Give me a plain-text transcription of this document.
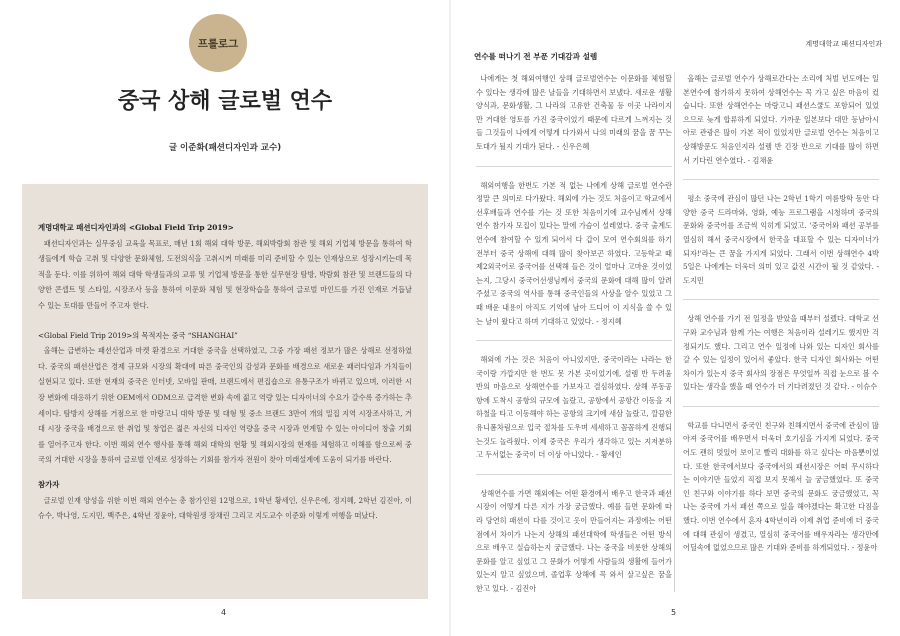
프롤로그
중국 상해 글로벌 연수
글 이준화(패션디자인과 교수)
계명대학교 패션디자인과의 <Global Field Trip 2019>

패션디자인과는 실무중심 교육을 목표로, 매년 1회 해외 대학 방문, 해외박람회 참관 및 해외 기업체 방문을 통하여 학생들에게 학습 고취 및 다양한 문화체험, 도전의식을 고취시켜 미래를 미리 준비할 수 있는 인재상으로 성장시키는데 목적을 둔다. 이를 위하여 해외 대학 학생들과의 교류 및 기업체 방문을 통한 실무현장 탐방, 박람회 참관 및 브랜드들의 다양한 콘셉트 및 스타일, 시장조사 등을 통하여 이문화 체험 및 현장학습을 통하여 글로벌 마인드를 가진 인재로 거듭날 수 있는 토대를 만들어 주고자 한다.

<Global Field Trip 2019>의 목적지는 중국 “SHANGHAI”

올해는 급변하는 패션산업과 마켓 환경으로 거대한 중국을 선택하였고, 그중 가장 패션 정보가 많은 상해로 선정하였다. 중국의 패션산업은 경제 규모와 시장의 확대에 따른 중국인의 감성과 문화를 배경으로 새로운 패러다임과 가치들이 실현되고 있다. 또한 현재의 중국은 인터넷, 모바일 판매, 브랜드에서 편집숍으로 유통구조가 바뀌고 있으며, 이러한 시장 변화에 대응하기 위한 OEM에서 ODM으로 급격한 변화 속에 젊고 역량 있는 디자이너의 수요가 갈수록 증가하는 추세이다. 탐방지 상해를 거점으로 한 마랑고니 대학 방문 및 대형 및 중소 브랜드 3만여 개의 밀집 지역 시장조사하고, 거대 시장 중국을 배경으로 한 취업 및 창업은 젊은 자신의 디자인 역량을 중국 시장과 연계할 수 있는 아이디어 창출 기회를 열어주고자 한다. 이번 해외 연수 행사를 통해 해외 대학의 현황 및 해외시장의 현재를 체험하고 이해를 함으로써 중국의 거대한 시장을 통하여 글로벌 인재로 성장하는 기회를 참가자 전원이 찾아 미래설계에 도움이 되기를 바란다.

참가자

글로벌 인재 양성을 위한 이번 해외 연수는 총 참가인원 12명으로, 1학년 황세인, 신우은에, 정지혜, 2학년 김진아, 이슈수, 박나영, 도지민, 백주은, 4학년 정윤아, 대학원생 장채린 그리고 지도교수 이준화 이렇게 여행을 떠났다.

4
계명대학교 패션디자인과
연수를 떠나기 전 부푼 기대감과 설렘

나에게는 첫 해외여행인 상해 글로벌연수는 이문화를 체험할 수 있다는 생각에 많은 날들을 기대하면서 보냈다. 새로운 생활양식과, 문화생활, 그 나라의 고유한 건축물 등 이곳 나라이지만 거대한 영토를 가진 중국이었기 때문에 다르게 느껴지는 것들 그것들이 나에게 어떻게 다가와서 나의 미래의 꿈을 꿈 꾸는 토대가 될지 기대가 된다. - 신우은혜

해외여행을 한번도 가본 적 없는 나에게 상해 글로벌 연수란 정말 큰 의미로 다가왔다. 해외에 가는 것도 처음이고 학교에서 선후배들과 연수를 가는 것 또한 처음이기에 교수님께서 상해연수 참가자 모집이 있다는 말에 가슴이 설레였다. 중국 출계도 연수에 참여할 수 있게 되어서 다 갑이 모여 연수회의를 하기 전부터 중국 상해에 대해 많이 찾아보곤 하였다. 고등학교 때 제2외국어로 중국어를 선택해 들은 것이 얼마나 고마운 것이었는지, 그당시 중국어선생님께서 중국의 문화에 대해 많이 알려주셨고 중국의 역사를 통해 중국인들의 사상을 알수 있었고 그때 배운 내용이 아직도 기억에 남아 드디어 이 지식을 쓸 수 있는 날이 왔다고 하며 기대하고 있었다. - 정지혜

해외에 가는 것은 처음이 아니었지만, 중국이라는 나라는 한국이랑 가깝지만 한 번도 못 가본 곳이었기에, 설렘 반 두려움 반의 마음으로 상해연수를 가보자고 결심하였다. 상해 푸동공항에 도착시 공항의 규모에 놀랐고, 공항에서 공항간 이동을 지하철을 타고 이동해야 하는 공항의 크기에 새삼 놀랐고, 깔끔한 유니폼차림으로 입국 절차를 도우며 세세하고 꼼꼼하게 진행되는것도 놀라웠다. 이제 중국은 우리가 생각하고 있는 지저분하고 두서없는 중국이 더 이상 아니었다. - 황세인

상해연수를 가면 해외에는 어떤 환경에서 배우고 한국과 패션시장이 어떻게 다른 지가 가장 궁금했다. 예를 들면 문화에 따라 당연히 패션이 다를 것이고 옷이 만들어지는 과정에는 어떤 점에서 차이가 나는지 상해의 패션대학에 학생들은 어떤 방식으로 배우고 실습하는지 궁금했다. 나는 중국을 비롯한 상해의 문화를 알고 싶었고 그 문화가 어떻게 사람들의 생활에 들어가 있는지 알고 싶었으며, 졸업후 상해에 꼭 와서 살고싶은 꿈을 한고 있다. - 김진아

올해는 글로벌 연수가 상해로간다는 소리에 처벌 년도에는 일본연수에 참가하지 못하여 상해연수는 꼭 가고 싶은 마음이 컸습니다. 또한 상해연수는 마랑고니 패션스쿨도 포함되어 있었으므로 늦게 합류하게 되었다. 가까운 일본보다 대만 등남아시아로 관광은 많이 가본 적이 있었지만 글로벌 연수는 처음이고 상해방문도 처음인지라 설렘 반 긴장 반으로 기대를 많이 하면서 기다린 연수였다. - 김채윤

평소 중국에 관심이 많던 나는 2학년 1학기 여름방학 동안 다양한 중국 드라마와, 영화, 예능 프로그램을 시청하며 중국의 문화와 중국어를 조금씩 익히게 되었고. '중국어와 패션 공부를 열심히 해서 중국시장에서 한국을 대표할 수 있는 디자이너가 되자!'라는 큰 꿈을 가지게 되었다. 그래서 이번 상해연수 4박 5일은 나에게는 더욱더 의미 있고 값진 시간이 될 것 같았다. - 도지민

상해 연수를 가기 전 일정을 받았을 때부터 설렜다. 대학교 선구와 교수님과 함께 가는 여행은 처음이라 설레기도 했지만 걱정되기도 했다. 그리고 연수 일정에 나와 있는 디자인 회사를 갈 수 있는 일정이 있어서 좋았다. 한국 디자인 회사와는 어떤 차이가 있는지 중국 회사의 장점은 무엇일까 직접 눈으로 볼 수 있다는 생각을 했을 때 연수가 더 기다려졌던 것 같다. - 이슈수

학교를 다니면서 중국인 친구와 친해지면서 중국에 관심이 많아져 중국어를 배우면서 더욱더 호기심을 가지게 되었다. 중국어도 괜히 멋있어 보이고 빨리 대화를 하고 싶다는 마음뿐이었다. 또한 한국에서보다 중국에서의 패션시장은 어떠 무시하다는 이야기만 들었지 직접 보지 못해서 늘 궁금했었다. 또 중국인 친구와 이야기를 하다 보면 중국의 문화도 궁금했었고, 꼭 나는 중국에 가서 패션 쪽으로 일을 해야겠다는 확고한 다짐을 했다. 이번 연수에서 혼자 4학년이라 이제 취업 준비에 더 중국에 대해 관심이 생겼고, 열심히 중국어를 배우자라는 생각만에 어딜속에 없었으므로 많은 기대와 준비를 하게되었다. - 정윤아

5
